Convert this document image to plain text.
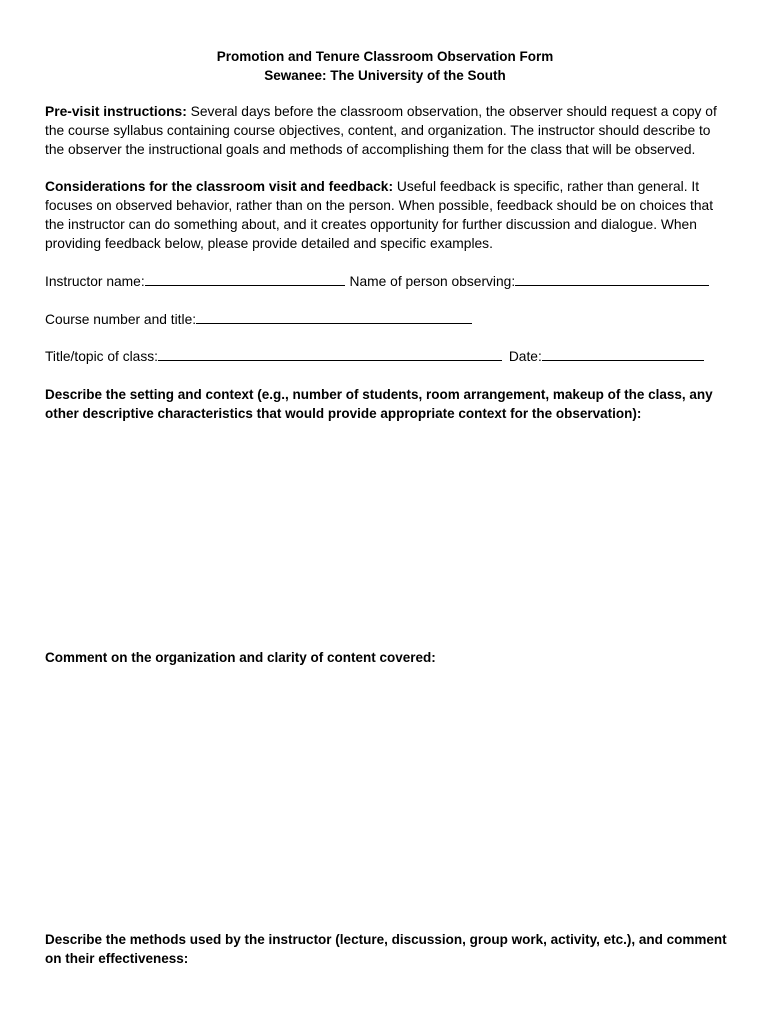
Promotion and Tenure Classroom Observation Form
Sewanee: The University of the South
Pre-visit instructions: Several days before the classroom observation, the observer should request a copy of the course syllabus containing course objectives, content, and organization. The instructor should describe to the observer the instructional goals and methods of accomplishing them for the class that will be observed.
Considerations for the classroom visit and feedback: Useful feedback is specific, rather than general. It focuses on observed behavior, rather than on the person. When possible, feedback should be on choices that the instructor can do something about, and it creates opportunity for further discussion and dialogue. When providing feedback below, please provide detailed and specific examples.
Instructor name:	Name of person observing:
Course number and title:
Title/topic of class:	Date:
Describe the setting and context (e.g., number of students, room arrangement, makeup of the class, any other descriptive characteristics that would provide appropriate context for the observation):
Comment on the organization and clarity of content covered:
Describe the methods used by the instructor (lecture, discussion, group work, activity, etc.), and comment on their effectiveness:
